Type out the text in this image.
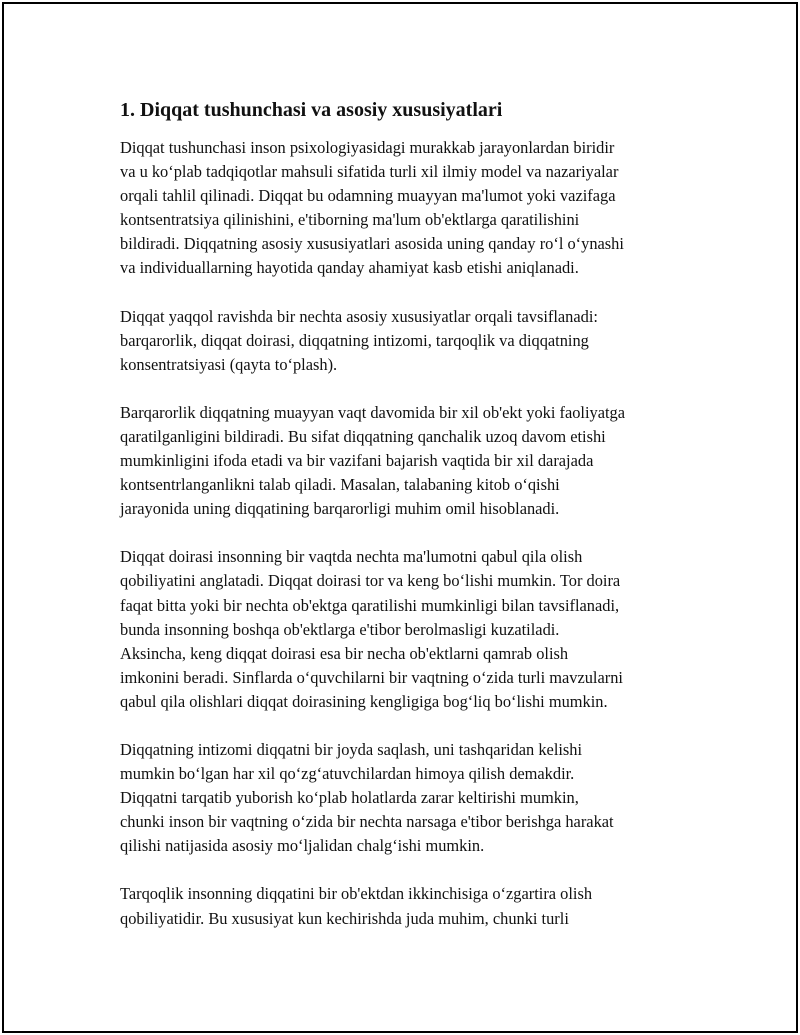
1. Diqqat tushunchasi va asosiy xususiyatlari

Diqqat tushunchasi inson psixologiyasidagi murakkab jarayonlardan biridir
va u ko‘plab tadqiqotlar mahsuli sifatida turli xil ilmiy model va nazariyalar
orqali tahlil qilinadi. Diqqat bu odamning muayyan ma'lumot yoki vazifaga
kontsentratsiya qilinishini, e'tiborning ma'lum ob'ektlarga qaratilishini
bildiradi. Diqqatning asosiy xususiyatlari asosida uning qanday ro‘l o‘ynashi
va individuallarning hayotida qanday ahamiyat kasb etishi aniqlanadi.

Diqqat yaqqol ravishda bir nechta asosiy xususiyatlar orqali tavsiflanadi:
barqarorlik, diqqat doirasi, diqqatning intizomi, tarqoqlik va diqqatning
konsentratsiyasi (qayta to‘plash).

Barqarorlik diqqatning muayyan vaqt davomida bir xil ob'ekt yoki faoliyatga
qaratilganligini bildiradi. Bu sifat diqqatning qanchalik uzoq davom etishi
mumkinligini ifoda etadi va bir vazifani bajarish vaqtida bir xil darajada
kontsentrlanganlikni talab qiladi. Masalan, talabaning kitob o‘qishi
jarayonida uning diqqatining barqarorligi muhim omil hisoblanadi.

Diqqat doirasi insonning bir vaqtda nechta ma'lumotni qabul qila olish
qobiliyatini anglatadi. Diqqat doirasi tor va keng bo‘lishi mumkin. Tor doira
faqat bitta yoki bir nechta ob'ektga qaratilishi mumkinligi bilan tavsiflanadi,
bunda insonning boshqa ob'ektlarga e'tibor berolmasligi kuzatiladi.
Aksincha, keng diqqat doirasi esa bir necha ob'ektlarni qamrab olish
imkonini beradi. Sinflarda o‘quvchilarni bir vaqtning o‘zida turli mavzularni
qabul qila olishlari diqqat doirasining kengligiga bog‘liq bo‘lishi mumkin.

Diqqatning intizomi diqqatni bir joyda saqlash, uni tashqaridan kelishi
mumkin bo‘lgan har xil qo‘zg‘atuvchilardan himoya qilish demakdir.
Diqqatni tarqatib yuborish ko‘plab holatlarda zarar keltirishi mumkin,
chunki inson bir vaqtning o‘zida bir nechta narsaga e'tibor berishga harakat
qilishi natijasida asosiy mo‘ljalidan chalg‘ishi mumkin.

Tarqoqlik insonning diqqatini bir ob'ektdan ikkinchisiga o‘zgartira olish
qobiliyatidir. Bu xususiyat kun kechirishda juda muhim, chunki turli
